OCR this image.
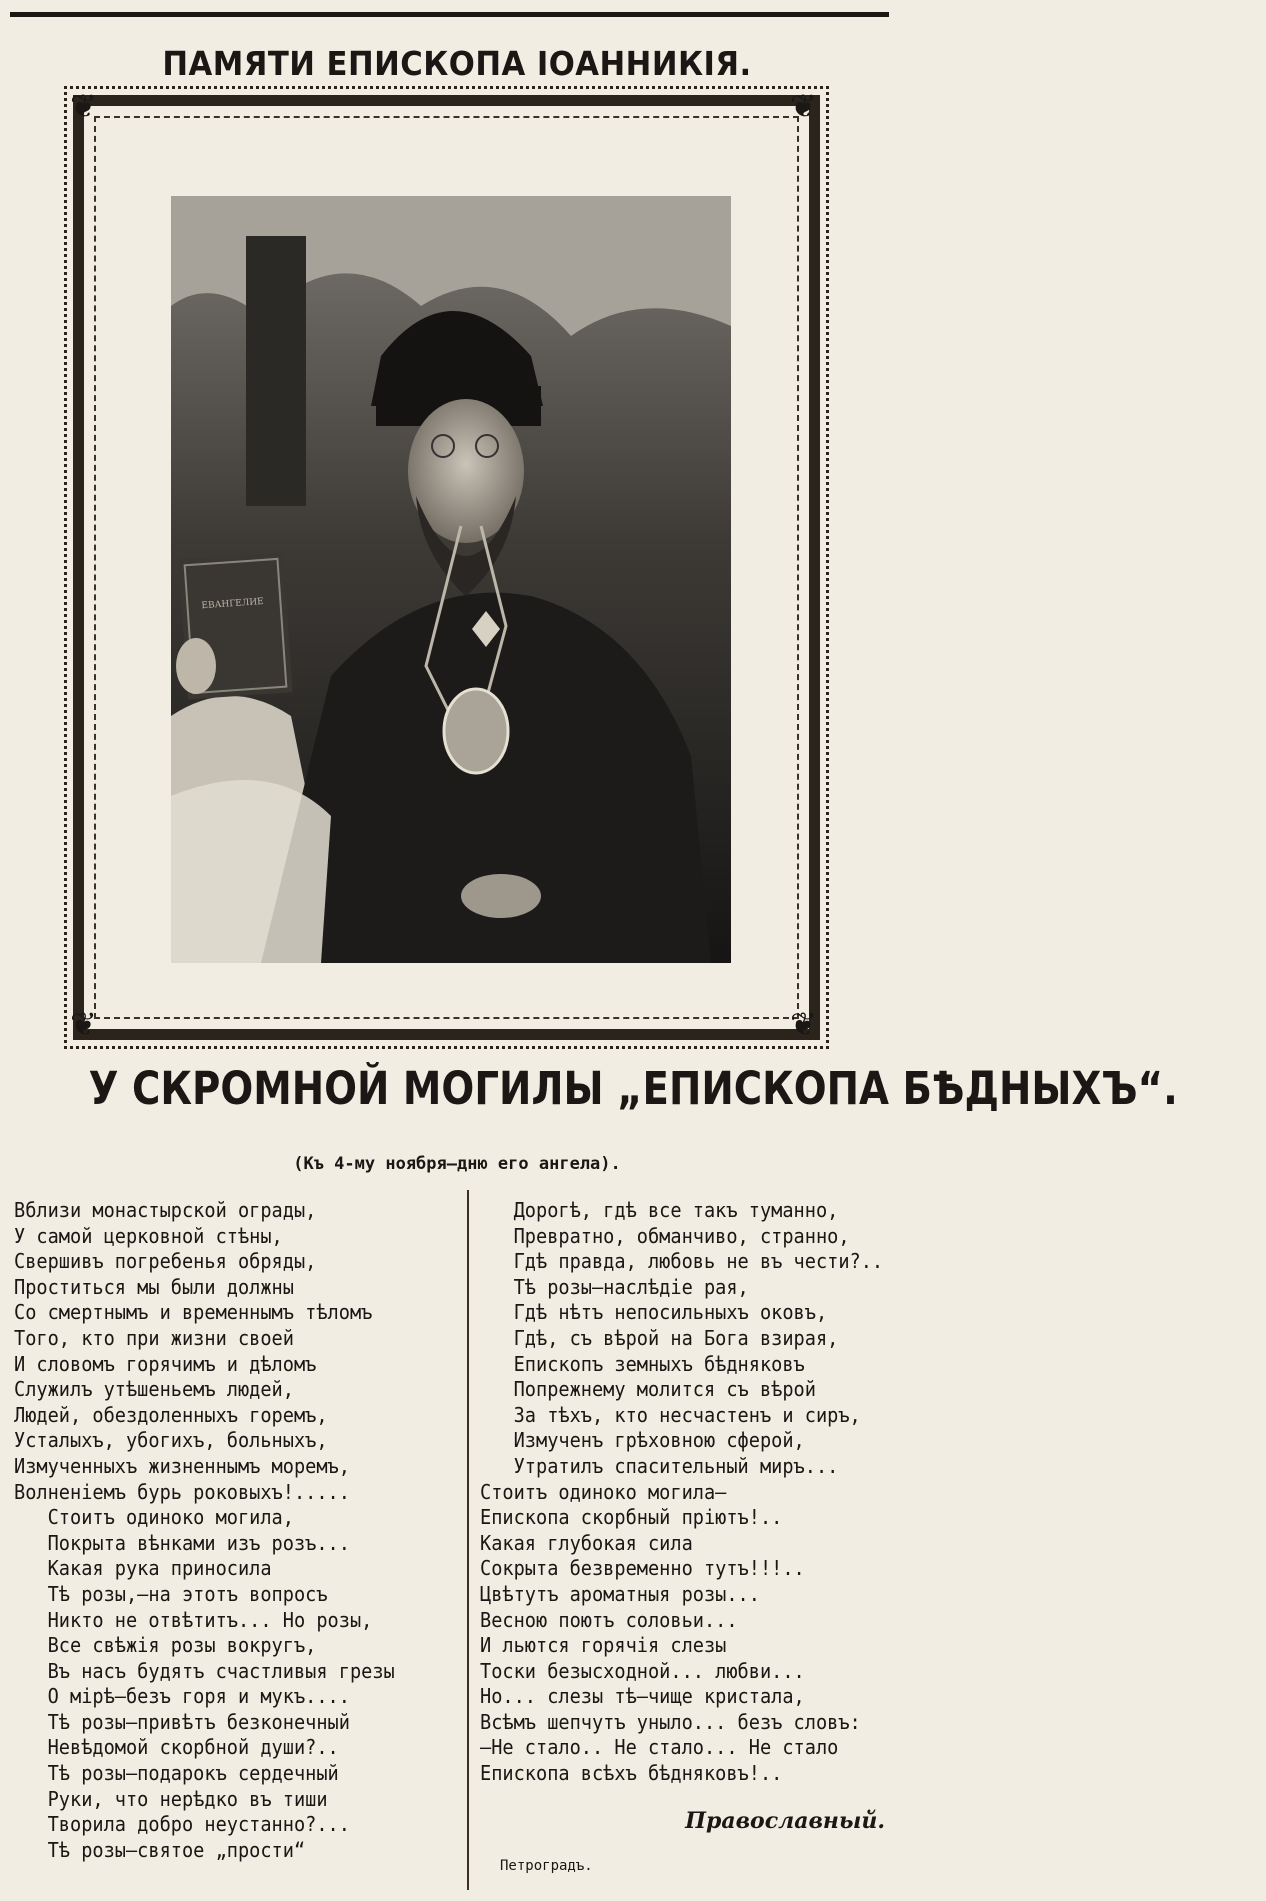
ПАМЯТИ ЕПИСКОПА ІОАННИКІЯ.
❦	❦
❦	❦
ЕВАНГЕЛИЕ
У СКРОМНОЙ МОГИЛЫ „ЕПИСКОПА БѢДНЫХЪ“.
(Къ 4-му ноября—дню его ангела).
Вблизи монастырской ограды,
У самой церковной стѣны,
Свершивъ погребенья обряды,
Проститься мы были должны
Со смертнымъ и временнымъ тѣломъ
Того, кто при жизни своей
И словомъ горячимъ и дѣломъ
Служилъ утѣшеньемъ людей,
Людей, обездоленныхъ горемъ,
Усталыхъ, убогихъ, больныхъ,
Измученныхъ жизненнымъ моремъ,
Волненіемъ бурь роковыхъ!.....
Стоитъ одиноко могила,
Покрыта вѣнками изъ розъ...
Какая рука приносила
Тѣ розы,—на этотъ вопросъ
Никто не отвѣтитъ... Но розы,
Все свѣжія розы вокругъ,
Въ насъ будятъ счастливыя грезы
О мірѣ—безъ горя и мукъ....
Тѣ розы—привѣтъ безконечный
Невѣдомой скорбной души?..
Тѣ розы—подарокъ сердечный
Руки, что нерѣдко въ тиши
Творила добро неустанно?...
Тѣ розы—святое „прости“
Дорогѣ, гдѣ все такъ туманно,
Превратно, обманчиво, странно,
Гдѣ правда, любовь не въ чести?..
Тѣ розы—наслѣдіе рая,
Гдѣ нѣтъ непосильныхъ оковъ,
Гдѣ, съ вѣрой на Бога взирая,
Епископъ земныхъ бѣдняковъ
Попрежнему молится съ вѣрой
За тѣхъ, кто несчастенъ и сиръ,
Измученъ грѣховною сферой,
Утратилъ спасительный миръ...
Стоитъ одиноко могила—
Епископа скорбный пріютъ!..
Какая глубокая сила
Сокрыта безвременно тутъ!!!..
Цвѣтутъ ароматныя розы...
Весною поютъ соловьи...
И льются горячія слезы
Тоски безысходной... любви...
Но... слезы тѣ—чище кристала,
Всѣмъ шепчутъ уныло... безъ словъ:
—Не стало.. Не стало... Не стало
Епископа всѣхъ бѣдняковъ!..
Православный.
Петроградъ.
